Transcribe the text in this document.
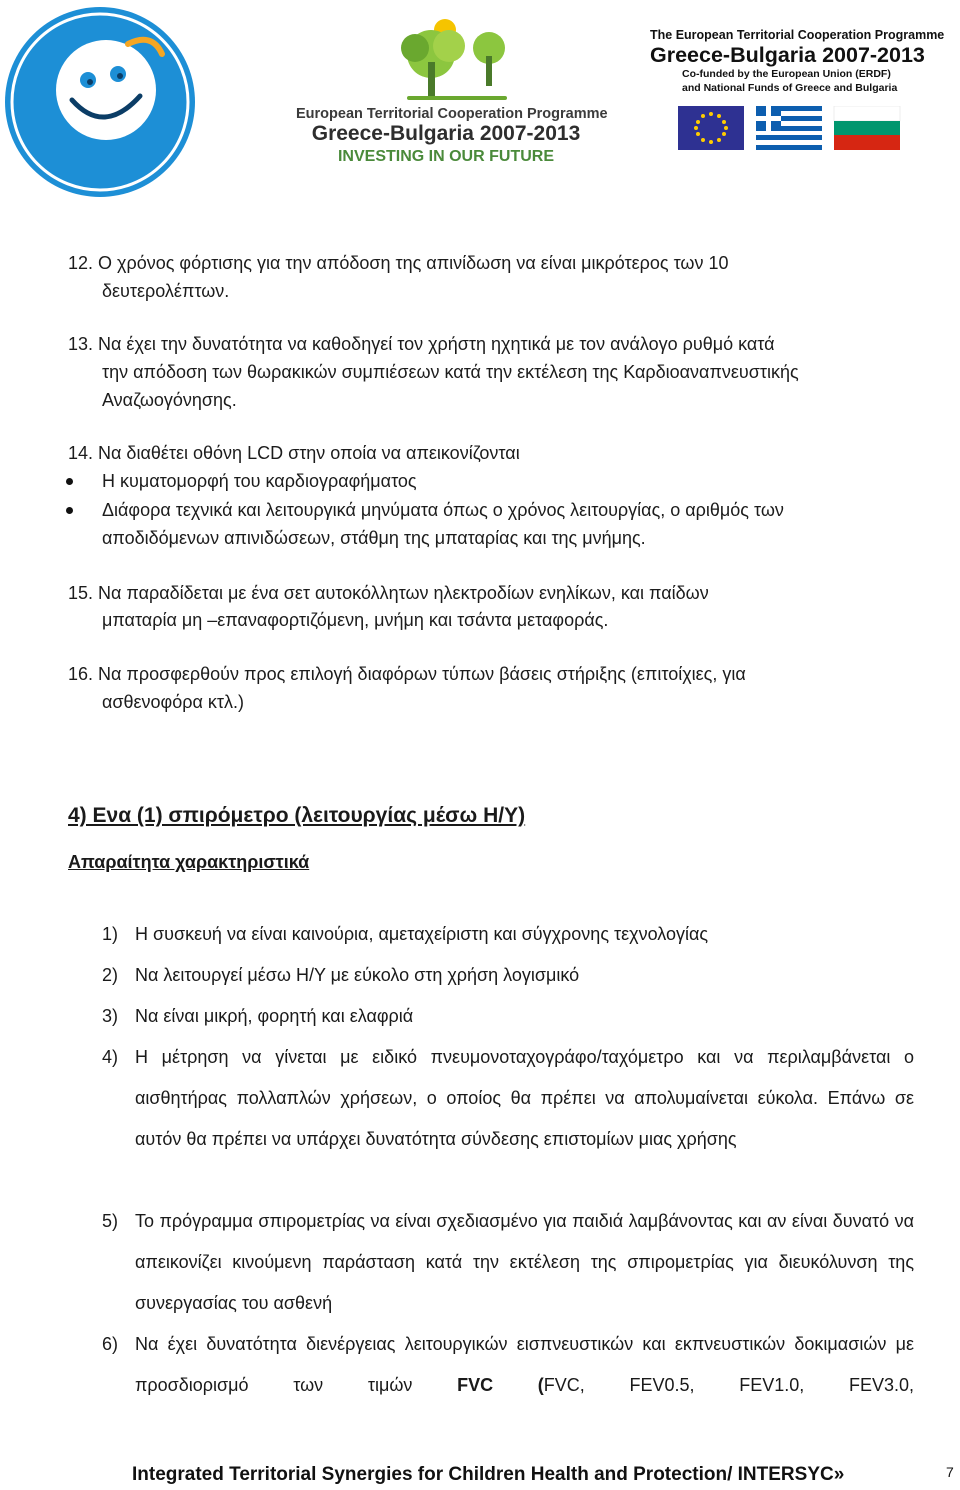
European Territorial Cooperation Programme
Greece-Bulgaria 2007-2013
INVESTING IN OUR FUTURE
The European Territorial Cooperation Programme
Greece-Bulgaria 2007-2013
Co-funded by the European Union (ERDF)
and National Funds of Greece and Bulgaria
12. Ο χρόνος φόρτισης για την απόδοση της απινίδωση να είναι μικρότερος των 10
δευτερολέπτων.
13. Να έχει την δυνατότητα να καθοδηγεί τον χρήστη ηχητικά με τον ανάλογο ρυθμό κατά
την απόδοση των θωρακικών συμπιέσεων κατά την εκτέλεση της Καρδιοαναπνευστικής
Αναζωογόνησης.
14. Να διαθέτει οθόνη LCD στην οποία να απεικονίζονται
Η κυματομορφή του καρδιογραφήματος
Διάφορα τεχνικά και λειτουργικά μηνύματα όπως ο χρόνος λειτουργίας, ο αριθμός των
αποδιδόμενων απινιδώσεων, στάθμη της μπαταρίας και της μνήμης.
15. Να παραδίδεται με ένα σετ αυτοκόλλητων ηλεκτροδίων ενηλίκων, και παίδων
μπαταρία μη –επαναφορτιζόμενη, μνήμη και τσάντα μεταφοράς.
16. Να προσφερθούν προς επιλογή διαφόρων τύπων βάσεις στήριξης (επιτοίχιες, για
ασθενοφόρα κτλ.)
4) Ενα (1) σπιρόμετρο (λειτουργίας μέσω Η/Υ)
Απαραίτητα χαρακτηριστικά
1) Η συσκευή να είναι καινούρια, αμεταχείριστη και σύγχρονης τεχνολογίας
2) Να λειτουργεί μέσω Η/Υ με εύκολο στη χρήση λογισμικό
3) Να είναι μικρή, φορητή και ελαφριά
4) Η μέτρηση να γίνεται με ειδικό πνευμονοταχογράφο/ταχόμετρο και να περιλαμβάνεται ο αισθητήρας πολλαπλών χρήσεων, ο οποίος θα πρέπει να απολυμαίνεται εύκολα. Επάνω σε αυτόν θα πρέπει να υπάρχει δυνατότητα σύνδεσης επιστομίων μιας χρήσης
5) Το πρόγραμμα σπιρομετρίας να είναι σχεδιασμένο για παιδιά λαμβάνοντας και αν είναι δυνατό να απεικονίζει κινούμενη παράσταση κατά την εκτέλεση της σπιρομετρίας για διευκόλυνση της συνεργασίας του ασθενή
6) Να έχει δυνατότητα διενέργειας λειτουργικών εισπνευστικών και εκπνευστικών δοκιμασιών με προσδιορισμό των τιμών FVC (FVC, FEV0.5, FEV1.0, FEV3.0,
Integrated Territorial Synergies for Children Health and Protection/ INTERSYC»	7
